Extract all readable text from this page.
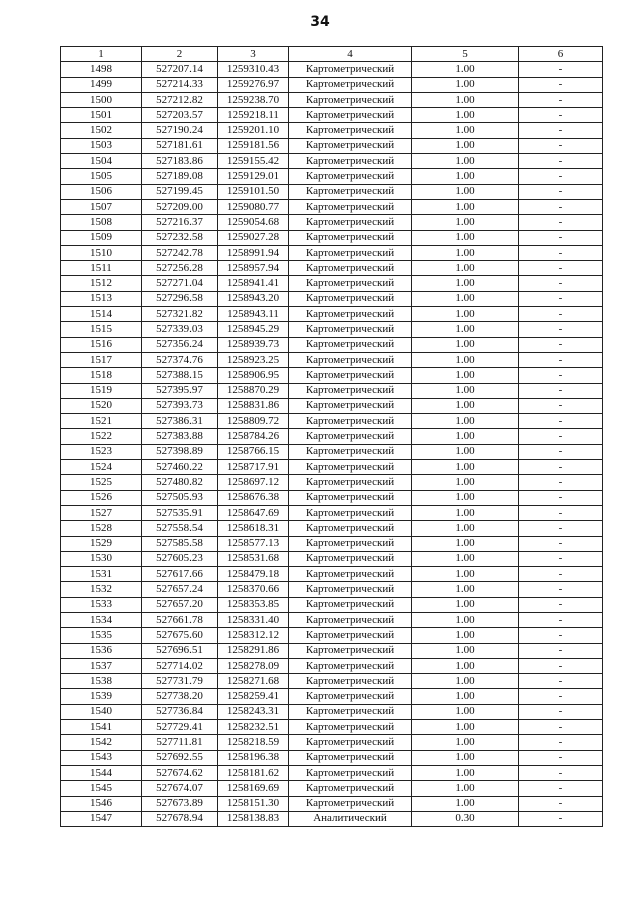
34
1	2	3	4	5	6
1498	527207.14	1259310.43	Картометрический	1.00	-
1499	527214.33	1259276.97	Картометрический	1.00	-
1500	527212.82	1259238.70	Картометрический	1.00	-
1501	527203.57	1259218.11	Картометрический	1.00	-
1502	527190.24	1259201.10	Картометрический	1.00	-
1503	527181.61	1259181.56	Картометрический	1.00	-
1504	527183.86	1259155.42	Картометрический	1.00	-
1505	527189.08	1259129.01	Картометрический	1.00	-
1506	527199.45	1259101.50	Картометрический	1.00	-
1507	527209.00	1259080.77	Картометрический	1.00	-
1508	527216.37	1259054.68	Картометрический	1.00	-
1509	527232.58	1259027.28	Картометрический	1.00	-
1510	527242.78	1258991.94	Картометрический	1.00	-
1511	527256.28	1258957.94	Картометрический	1.00	-
1512	527271.04	1258941.41	Картометрический	1.00	-
1513	527296.58	1258943.20	Картометрический	1.00	-
1514	527321.82	1258943.11	Картометрический	1.00	-
1515	527339.03	1258945.29	Картометрический	1.00	-
1516	527356.24	1258939.73	Картометрический	1.00	-
1517	527374.76	1258923.25	Картометрический	1.00	-
1518	527388.15	1258906.95	Картометрический	1.00	-
1519	527395.97	1258870.29	Картометрический	1.00	-
1520	527393.73	1258831.86	Картометрический	1.00	-
1521	527386.31	1258809.72	Картометрический	1.00	-
1522	527383.88	1258784.26	Картометрический	1.00	-
1523	527398.89	1258766.15	Картометрический	1.00	-
1524	527460.22	1258717.91	Картометрический	1.00	-
1525	527480.82	1258697.12	Картометрический	1.00	-
1526	527505.93	1258676.38	Картометрический	1.00	-
1527	527535.91	1258647.69	Картометрический	1.00	-
1528	527558.54	1258618.31	Картометрический	1.00	-
1529	527585.58	1258577.13	Картометрический	1.00	-
1530	527605.23	1258531.68	Картометрический	1.00	-
1531	527617.66	1258479.18	Картометрический	1.00	-
1532	527657.24	1258370.66	Картометрический	1.00	-
1533	527657.20	1258353.85	Картометрический	1.00	-
1534	527661.78	1258331.40	Картометрический	1.00	-
1535	527675.60	1258312.12	Картометрический	1.00	-
1536	527696.51	1258291.86	Картометрический	1.00	-
1537	527714.02	1258278.09	Картометрический	1.00	-
1538	527731.79	1258271.68	Картометрический	1.00	-
1539	527738.20	1258259.41	Картометрический	1.00	-
1540	527736.84	1258243.31	Картометрический	1.00	-
1541	527729.41	1258232.51	Картометрический	1.00	-
1542	527711.81	1258218.59	Картометрический	1.00	-
1543	527692.55	1258196.38	Картометрический	1.00	-
1544	527674.62	1258181.62	Картометрический	1.00	-
1545	527674.07	1258169.69	Картометрический	1.00	-
1546	527673.89	1258151.30	Картометрический	1.00	-
1547	527678.94	1258138.83	Аналитический	0.30	-
